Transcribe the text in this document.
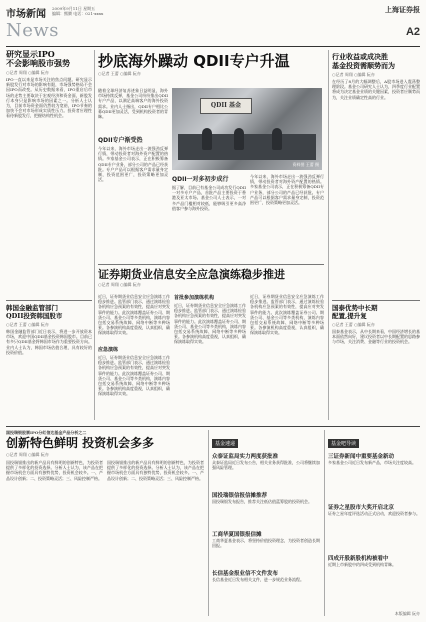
市场新闻
2009年9月11日 星期五
编辑：熊腾 电话：021-xxxx
News
上海证券报
A2
研究显示IPO
不会影响股市强势
○记者 周翔 ○编辑 阮亦
IPO一直以来是市场关注的焦点问题。研究显示新股发行对市场的影响有限，市场强势格局不会因IPO而改变。从历史数据来看，IPO重启后市场的走势主要取决于宏观经济和资金面，新股发行本身只是影响市场的因素之一。分析人士认为，目前市场资金面仍然较为宽裕，IPO节奏的加快不会对市场形成实质性压力。投资者应理性看待新股发行，把握结构性机会。
韩国金融监管部门
QDII投资韩国股市
○记者 王蕾 ○编辑 阮亦
韩国金融监管部门近日表示，将进一步开放资本市场，欢迎中国QDII基金投资韩国股市。目前已有多只QDII基金将韩国市场作为重要投资方向。业内人士认为，韩国市场估值合理，具有较好的投资价值。
抄底海外躁动 QDII专户升温
○记者 王蕾 ○编辑 阮亦
随着全球经济复苏迹象日益明显，海外市场持续反弹，基金公司纷纷推出QDII专户产品，以满足高端客户的海外投资需求。业内人士指出，QDII专户相比公募QDII更加灵活，受到机构投资者的青睐。
QDII专户渐受热
今年以来，海外市场走出一波强劲反弹行情，带动投资者对海外资产配置的热情。多家基金公司表示，正在积极筹备QDII专户业务，部分公司的产品已经获批。专户产品可以根据客户需求量身定制，投资范围更广，投资策略更加灵活。
QDII 基金
资料图 王蕾 摄
QDII一对多初步成行
据了解，目前已有基金公司成功发行QDII一对多专户产品，首批产品主要投资于香港及亚太市场。基金公司人士表示，一对多产品门槛相对较低，能够吸引更多高净值客户参与海外投资。
今年以来，海外市场走出一波强劲反弹行情，带动投资者对海外资产配置的热情。多家基金公司表示，正在积极筹备QDII专户业务，部分公司的产品已经获批。专户产品可以根据客户需求量身定制，投资范围更广，投资策略更加灵活。
证券期货业信息安全应急演练稳步推进
○记者 周翔 ○编辑 阮亦
近日，证券期货业信息安全应急演练工作稳步推进。监管部门表示，通过演练检验各机构应急预案的有效性，提高应对突发事件的能力。此次演练覆盖证券公司、期货公司、基金公司等多类机构，演练内容包括交易系统故障、网络中断等多种场景。各参演机构高度重视，认真组织，确保演练取得实效。
应急演练
近日，证券期货业信息安全应急演练工作稳步推进。监管部门表示，通过演练检验各机构应急预案的有效性，提高应对突发事件的能力。此次演练覆盖证券公司、期货公司、基金公司等多类机构，演练内容包括交易系统故障、网络中断等多种场景。各参演机构高度重视，认真组织，确保演练取得实效。
首批参加演练机构
近日，证券期货业信息安全应急演练工作稳步推进。监管部门表示，通过演练检验各机构应急预案的有效性，提高应对突发事件的能力。此次演练覆盖证券公司、期货公司、基金公司等多类机构，演练内容包括交易系统故障、网络中断等多种场景。各参演机构高度重视，认真组织，确保演练取得实效。
近日，证券期货业信息安全应急演练工作稳步推进。监管部门表示，通过演练检验各机构应急预案的有效性，提高应对突发事件的能力。此次演练覆盖证券公司、期货公司、基金公司等多类机构，演练内容包括交易系统故障、网络中断等多种场景。各参演机构高度重视，认真组织，确保演练取得实效。
行业收益或成决胜
基金投资需顺势而为
○记者 周翔 ○编辑 阮亦
在经历了8月的大幅调整后，A股市场进入震荡整理阶段。基金公司研究人士认为，四季度行业配置将成为决定基金业绩的关键因素，投资者应顺势而为，关注业绩确定性高的行业。
国泰优势中长期
配置,提升复
○记者 王蕾 ○编辑 阮亦
国泰基金表示，从中长期来看，中国经济增长的基本面依然向好，建议投资者以中长期配置的思路参与市场，关注消费、金融等行业的投资机会。
国投瑞银股票IPO分红信达基金产品分析之二
创新特色鲜明 投资机会多多
○记者 周翔 ○编辑 阮亦
国投瑞银推出的新产品具有鲜明的创新特色，为投资者提供了多样化的投资选择。分析人士认为，该产品在把握市场机会方面具有独特优势，投资机会较多。一、产品设计创新；二、投资策略灵活；三、风险控制严格。
国投瑞银推出的新产品具有鲜明的创新特色，为投资者提供了多样化的投资选择。分析人士认为，该产品在把握市场机会方面具有独特优势，投资机会较多。一、产品设计创新；二、投资策略灵活；三、风险控制严格。
基金速递
众泰证监局实力两度获批准
众泰证监局近日发布公告，相关业务获得批准，公司将继续加强风险管理。
国投瑞银信报信摊推荐
国投瑞银发布报告，推荐关注低估值蓝筹股的投资机会。
工商华夏国银报信摊
工商华夏基金表示，将坚持价值投资理念，为投资者创造长期回报。
长信基金报业信不文件发布
长信基金近日发布相关文件，进一步规范业务流程。
基金吧导读
三证券新闻中重要基金新动
多家基金公司近日发布新产品，市场关注度较高。
证券之星股市大奖开启北京
证券之星年度评选活动正式启动，欢迎投资者参与。
四成开股新股机构被看中
近期上市新股中约四成受到机构青睐。
本版编辑 阮亦
